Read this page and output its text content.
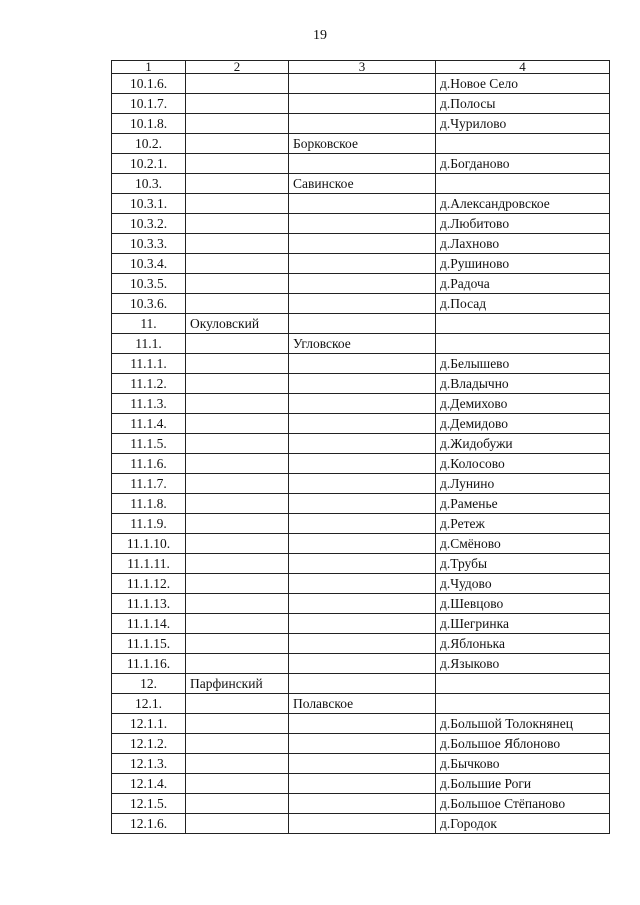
19
1	2	3	4
10.1.6.			д.Новое Село
10.1.7.			д.Полосы
10.1.8.			д.Чурилово
10.2.		Борковское	
10.2.1.			д.Богданово
10.3.		Савинское	
10.3.1.			д.Александровское
10.3.2.			д.Любитово
10.3.3.			д.Лахново
10.3.4.			д.Рушиново
10.3.5.			д.Радоча
10.3.6.			д.Посад
11.	Окуловский		
11.1.		Угловское	
11.1.1.			д.Белышево
11.1.2.			д.Владычно
11.1.3.			д.Демихово
11.1.4.			д.Демидово
11.1.5.			д.Жидобужи
11.1.6.			д.Колосово
11.1.7.			д.Лунино
11.1.8.			д.Раменье
11.1.9.			д.Ретеж
11.1.10.			д.Смёново
11.1.11.			д.Трубы
11.1.12.			д.Чудово
11.1.13.			д.Шевцово
11.1.14.			д.Шегринка
11.1.15.			д.Яблонька
11.1.16.			д.Языково
12.	Парфинский		
12.1.		Полавское	
12.1.1.			д.Большой Толокнянец
12.1.2.			д.Большое Яблоново
12.1.3.			д.Бычково
12.1.4.			д.Большие Роги
12.1.5.			д.Большое Стёпаново
12.1.6.			д.Городок
